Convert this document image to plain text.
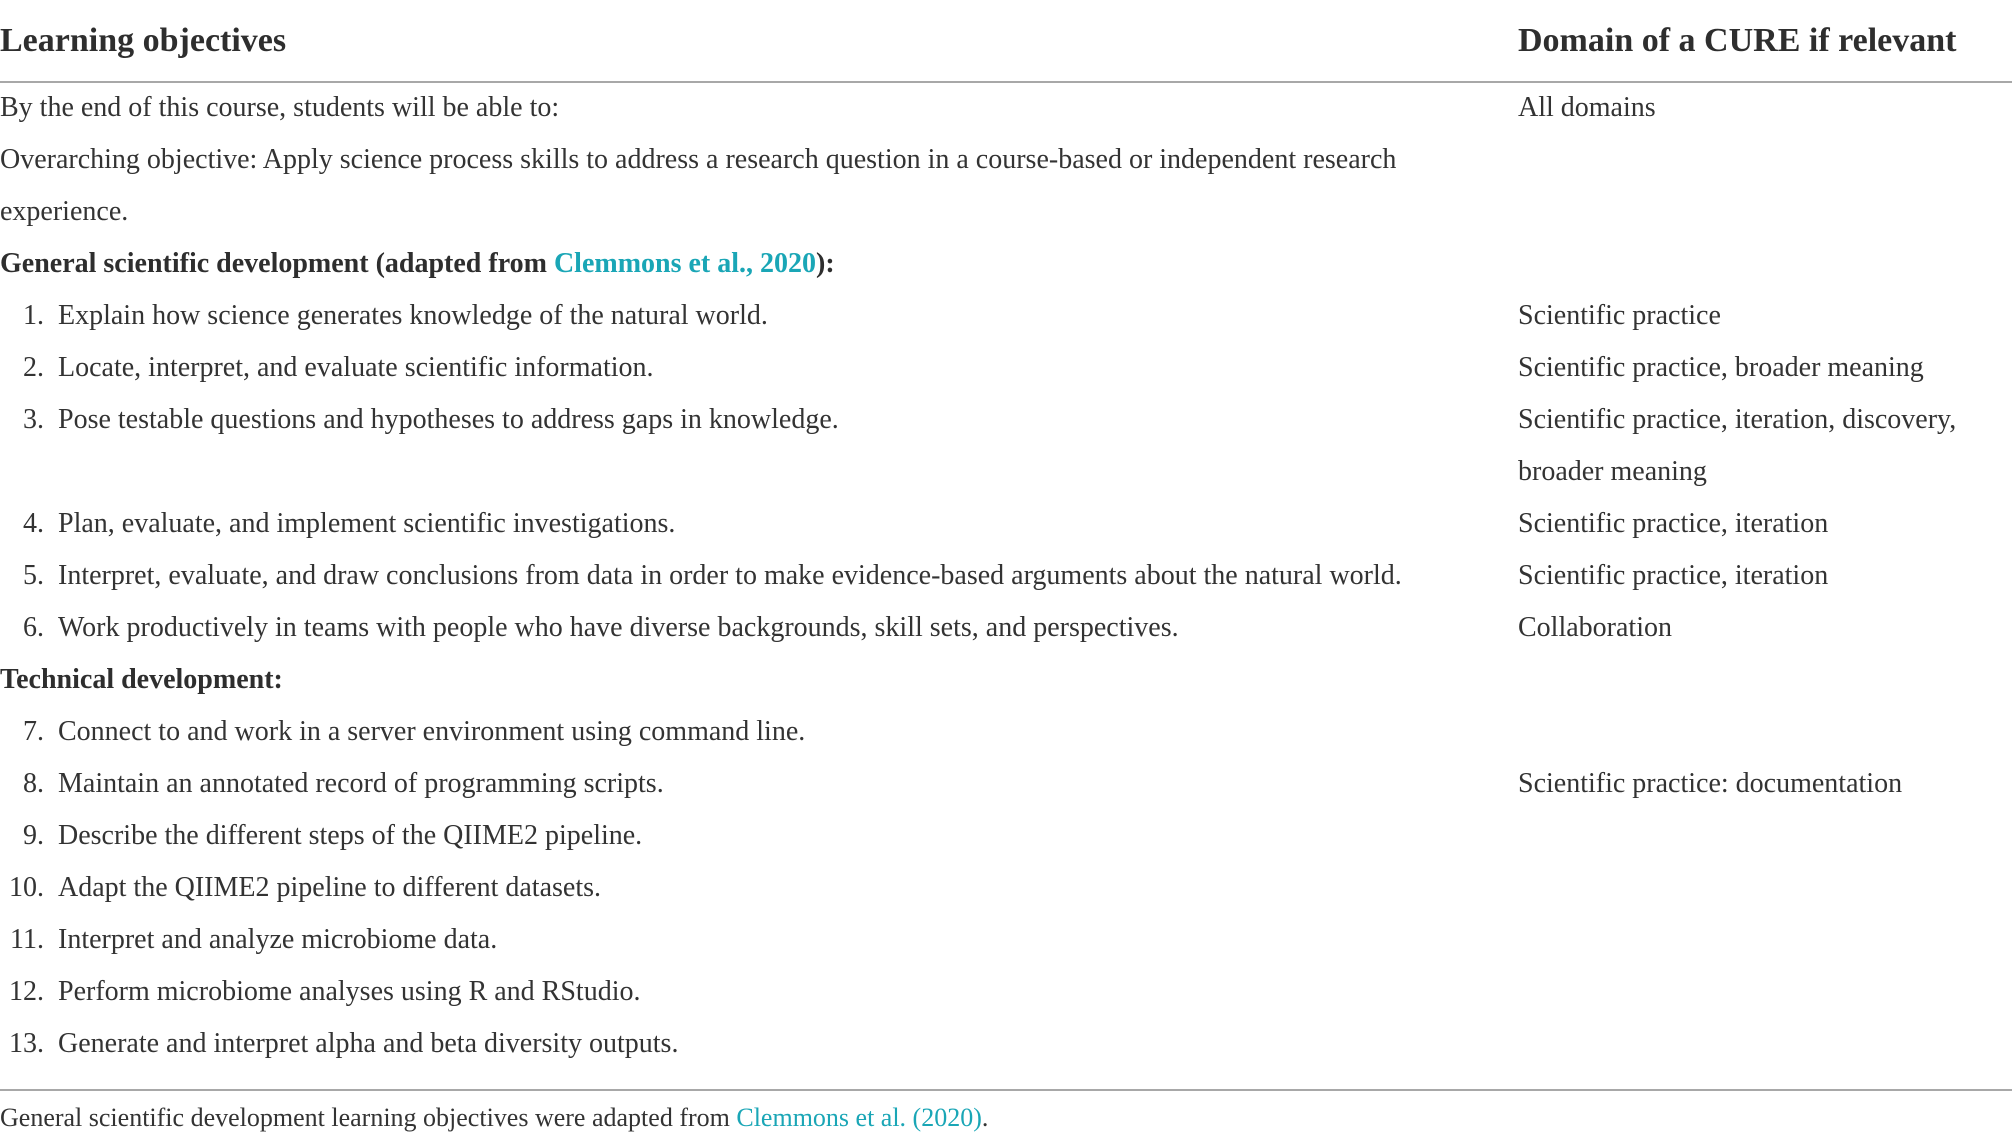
Learning objectives	Domain of a CURE if relevant
By the end of this course, students will be able to:	All domains
Overarching objective: Apply science process skills to address a research question in a course-based or independent research
experience.
General scientific development (adapted from Clemmons et al., 2020):
1. Explain how science generates knowledge of the natural world.	Scientific practice
2. Locate, interpret, and evaluate scientific information.	Scientific practice, broader meaning
3. Pose testable questions and hypotheses to address gaps in knowledge.	Scientific practice, iteration, discovery,
broader meaning
4. Plan, evaluate, and implement scientific investigations.	Scientific practice, iteration
5. Interpret, evaluate, and draw conclusions from data in order to make evidence-based arguments about the natural world.	Scientific practice, iteration
6. Work productively in teams with people who have diverse backgrounds, skill sets, and perspectives.	Collaboration
Technical development:
7. Connect to and work in a server environment using command line.
8. Maintain an annotated record of programming scripts.	Scientific practice: documentation
9. Describe the different steps of the QIIME2 pipeline.
10. Adapt the QIIME2 pipeline to different datasets.
11. Interpret and analyze microbiome data.
12. Perform microbiome analyses using R and RStudio.
13. Generate and interpret alpha and beta diversity outputs.
General scientific development learning objectives were adapted from Clemmons et al. (2020).
